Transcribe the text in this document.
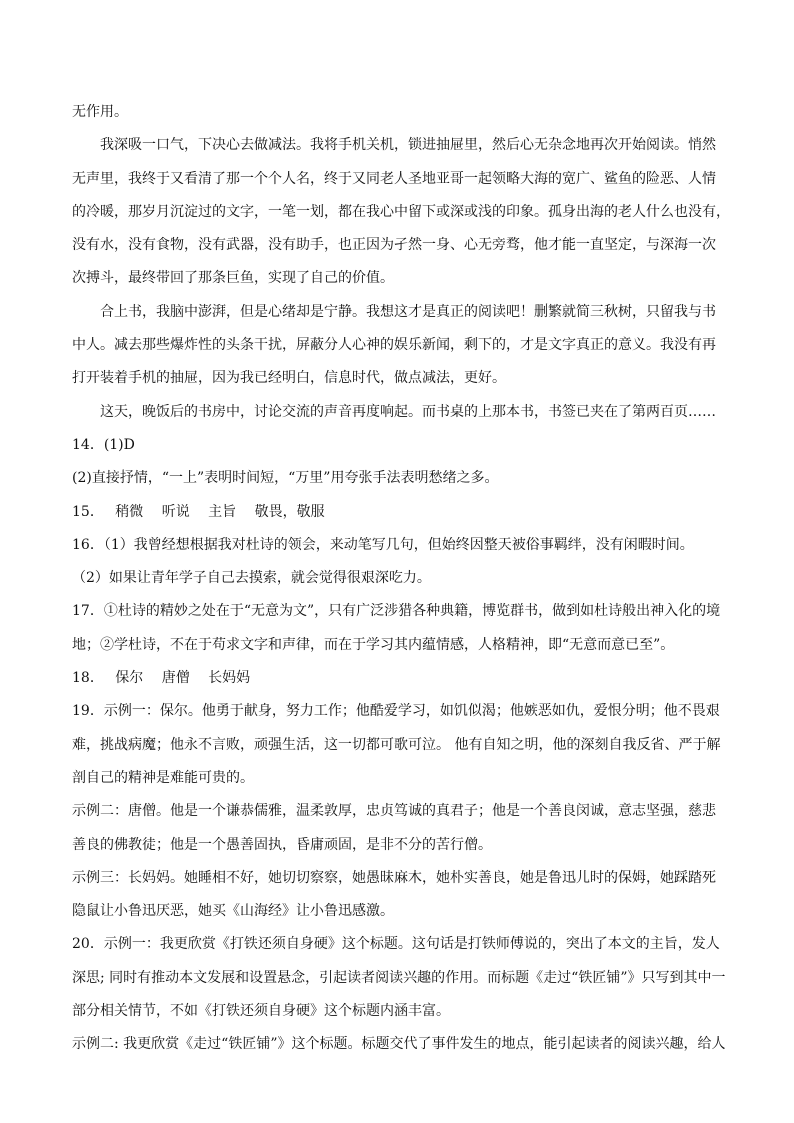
无作用。
我深吸一口气，下决心去做减法。我将手机关机，锁进抽屉里，然后心无杂念地再次开始阅读。悄然
无声里，我终于又看清了那一个个人名，终于又同老人圣地亚哥一起领略大海的宽广、鲨鱼的险恶、人情
的冷暖，那岁月沉淀过的文字，一笔一划，都在我心中留下或深或浅的印象。孤身出海的老人什么也没有，
没有水，没有食物，没有武器，没有助手，也正因为孑然一身、心无旁骛，他才能一直坚定，与深海一次
次搏斗，最终带回了那条巨鱼，实现了自己的价值。
合上书，我脑中澎湃，但是心绪却是宁静。我想这才是真正的阅读吧！删繁就简三秋树，只留我与书
中人。减去那些爆炸性的头条干扰，屏蔽分人心神的娱乐新闻，剩下的，才是文字真正的意义。我没有再
打开装着手机的抽屉，因为我已经明白，信息时代，做点减法，更好。
这天，晚饭后的书房中，讨论交流的声音再度响起。而书桌的上那本书，书签已夹在了第两百页……
14．(1)D
(2)直接抒情，“一上”表明时间短，“万里”用夸张手法表明愁绪之多。
15．　 稍微　 听说　 主旨　 敬畏，敬服
16．（1）我曾经想根据我对杜诗的领会，来动笔写几句，但始终因整天被俗事羁绊，没有闲暇时间。
（2）如果让青年学子自己去摸索，就会觉得很艰深吃力。
17．①杜诗的精妙之处在于“无意为文”，只有广泛涉猎各种典籍，博览群书，做到如杜诗般出神入化的境
地；②学杜诗，不在于苟求文字和声律，而在于学习其内蕴情感，人格精神，即“无意而意已至”。
18．　 保尔　 唐僧　 长妈妈
19．示例一：保尔。他勇于献身，努力工作；他酷爱学习，如饥似渴；他嫉恶如仇，爱恨分明；他不畏艰
难，挑战病魔；他永不言败，顽强生活，这一切都可歌可泣。 他有自知之明，他的深刻自我反省、严于解
剖自己的精神是难能可贵的。
示例二：唐僧。他是一个谦恭儒雅，温柔敦厚，忠贞笃诚的真君子；他是一个善良闵诚，意志坚强，慈悲
善良的佛教徒；他是一个愚善固执，昏庸顽固，是非不分的苦行僧。
示例三：长妈妈。她睡相不好，她切切察察，她愚昧麻木，她朴实善良，她是鲁迅儿时的保姆，她踩踏死
隐鼠让小鲁迅厌恶，她买《山海经》让小鲁迅感激。
20．示例一：我更欣赏《打铁还须自身硬》这个标题。这句话是打铁师傅说的，突出了本文的主旨，发人
深思; 同时有推动本文发展和设置悬念，引起读者阅读兴趣的作用。而标题《走过“铁匠铺”》只写到其中一
部分相关情节，不如《打铁还须自身硬》这个标题内涵丰富。
示例二: 我更欣赏《走过“铁匠铺”》这个标题。标题交代了事件发生的地点，能引起读者的阅读兴趣，给人
